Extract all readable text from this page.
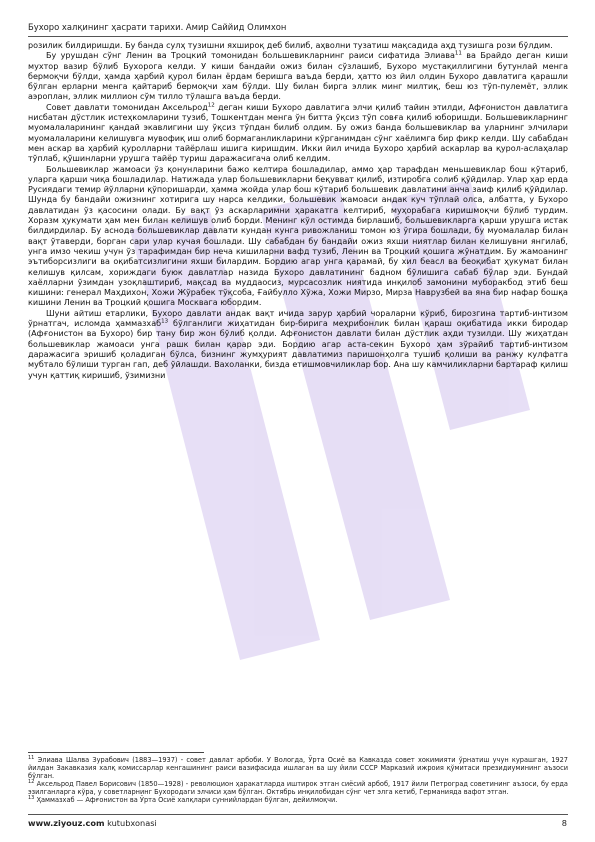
Бухоро халқининг ҳасрати тарихи. Амир Саййид Олимхон

розилик билдиришди. Бу банда сулҳ тузишни яхшироқ деб билиб, аҳволни тузатиш мақсадида аҳд тузишга рози бўлдим.

Бу урушдан сўнг Ленин ва Троцкий томонидан большевикларнинг раиси сифатида Элиава$^{11}$ ва Брайдо деган киши мухтор вазир бўлиб Бухорога келди. У киши бандайи ожиз билан сўзлашиб, Бухоро мустақиллигини бутунлай менга бермоқчи бўлди, ҳамда ҳарбий қурол билан ёрдам беришга ваъда берди, ҳатто юз йил олдин Бухоро давлатига қарашли бўлган ерларни менга қайтариб бермоқчи хам бўлди. Шу билан бирга эллик минг милтиқ, беш юз тўп-пулемёт, эллик аэроплан, эллик миллион сўм тилло тўлашга ваъда берди.

Совет давлати томонидан Аксельрод$^{12}$ деган киши Бухоро давлатига элчи қилиб тайин этилди, Афғонистон давлатига нисбатан дўстлик истеҳкомларини тузиб, Тошкентдан менга ўн битта ўқсиз тўп совға қилиб юборишди. Большевикларнинг муомалаларининг қандай экавлигини шу ўқсиз тўпдан билиб олдим. Бу ожиз банда большевиклар ва уларнинг элчилари муомалаларини келишувга мувофиқ иш олиб бормаганликларини кўрганимдан сўнг хаёлимга бир фикр келди. Шу сабабдан мен аскар ва ҳарбий қуролларни тайёрлаш ишига киришдим. Икки йил ичида Бухоро ҳарбий аскарлар ва қурол-аслаҳалар тўплаб, қўшинларни урушга тайёр туриш даражасигача олиб келдим.

Большевиклар жамоаси ўз қонунларини бажо келтира бошладилар, аммо ҳар тарафдан меньшевиклар бош кўтариб, уларга қарши чиқа бошладилар. Натижада улар большевикларни беқувват қилиб, изтиробга солиб қўйдилар. Улар ҳар ерда Русиядаги темир йўлларни қўпоришарди, ҳамма жойда улар бош кўтариб большевик давлатини анча заиф қилиб қўйдилар. Шунда бу бандайи ожизнинг хотирига шу нарса келдики, большевик жамоаси андак куч тўплай олса, албатта, у Бухоро давлатидан ўз қасосини олади. Бу вақт ўз аскарларимни ҳаракатга келтириб, муҳорабага киришмоқчи бўлиб турдим. Хоразм ҳукумати ҳам мен билан келишув олиб борди. Менинг кўл остимда бирлашиб, большевикларга қарши урушга истак билдирдилар. Бу аснода большевиклар давлати кундан кунга ривожланиш томон юз ўгира бошлади, бу муомалалар билан вақт ўтаверди, борган сари улар кучая бошлади. Шу сабабдан бу бандайи ожиз яхши ниятлар билан келишувни янгилаб, унга имзо чекиш учун ўз тарафимдан бир неча кишиларни вафд тузиб, Ленин ва Троцкий қошига жўнатдим. Бу жамоанинг эътиборсизлиги ва оқибатсизлигини яхши билардим. Бордию агар унга қарамай, бу хил беасл ва беоқибат ҳукумат билан келишув қилсам, хориждаги буюк давлатлар назида Бухоро давлатининг бадном бўлишига сабаб бўлар эди. Бундай хаёлларни ўзимдан узоқлаштириб, мақсад ва муддаосиз, мурсасозлик ниятида инқилоб замонини муборакбод этиб беш кишини: генерал Маҳдихон, Хожи Жўрабек тўқсоба, Ғайбулло Хўжа, Хожи Мирзо, Мирза Наврузбей ва яна бир нафар бошқа кишини Ленин ва Троцкий қошига Москвага юбордим.

Шуни айтиш етарлики, Бухоро давлати андак вақт ичида зарур ҳарбий чораларни кўриб, бирозгина тартиб-интизом ўрнатгач, исломда ҳаммазхаб$^{13}$ бўлганлиги жиҳатидан бир-бирига меҳрибонлик билан қараш оқибатида икки биродар (Афғонистон ва Бухоро) бир тану бир жон бўлиб қолди. Афғонистон давлати билан дўстлик аҳди тузилди. Шу жиҳатдан большевиклар жамоаси унга рашк билан қарар эди. Бордию агар аста-секин Бухоро ҳам зўрайиб тартиб-интизом даражасига эришиб қоладиган бўлса, бизнинг жумҳурият давлатимиз паришонҳолга тушиб қолиши ва ранжу кулфатга мубтало бўлиши турган гап, деб ўйлашди. Вахоланки, бизда етишмовчиликлар бор. Ана шу камчиликларни бартараф қилиш учун қаттиқ киришиб, ўзимизни

$^{11}$ Элиава Шалва Зурабович (1883—1937) - совет давлат арбоби. У Вологда, Ўрта Осиё ва Кавказда совет хокимияти ўрнатиш учун курашган, 1927 йилдан Закавказия халқ комиссарлар кенгашининг раиси вазифасида ишлаган ва шу йили СССР Марказий ижроия қўмитаси президиумининг аъзоси бўлган.

$^{12}$ Аксельрод Павел Борисович (1850—1928) - революцион ҳаракатларда иштирок этган сиёсий арбоб, 1917 йили Петроград советининг аъзоси, бу ерда эзилганларга кўра, у советларнинг Бухородаги элчиси ҳам бўлган. Октябрь инқилобидан сўнг чет элга кетиб, Германияда вафот этган.

$^{13}$ Ҳаммазхаб — Афғонистон ва Ўрта Осиё халқлари суннийлардан бўлган, дейилмоқчи.

www.ziyouz.com kutubxonasi	8
